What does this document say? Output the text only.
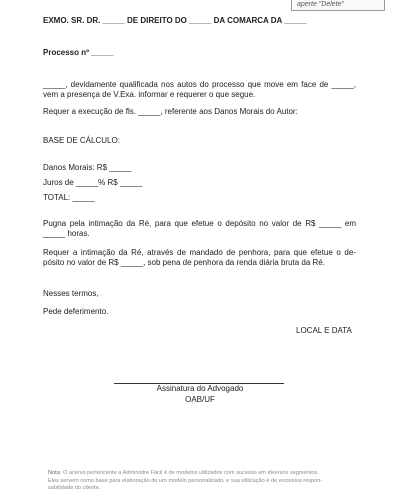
aperte "Delete"
EXMO. SR. DR. _____ DE DIREITO DO _____ DA COMARCA DA _____
Processo nº _____
_____, devidamente qualificada nos autos do processo que move em face de _____,
vem a presença de V.Exa. informar e requerer o que segue.
Requer a execução de fls. _____, referente aos Danos Morais do Autor:
BASE DE CÁLCULO:
Danos Morais: R$ _____
Juros de _____% R$ _____
TOTAL: _____
Pugna pela intimação da Ré, para que efetue o depósito no valor de R$ _____ em
_____ horas.
Requer a intimação da Ré, através de mandado de penhora, para que efetue o de-
pósito no valor de R$ _____, sob pena de penhora da renda diária bruta da Ré.
Nesses termos,
Pede deferimento.
LOCAL E DATA
Assinatura do Advogado
OAB/UF
Nota: O acervo pertencente a Administre Fácil é de modelos utilizados com sucesso em diversos segmentos.
Eles servem como base para elaboração de um modelo personalizado, e sua utilização é de exclusiva respon-
sabilidade do cliente.
